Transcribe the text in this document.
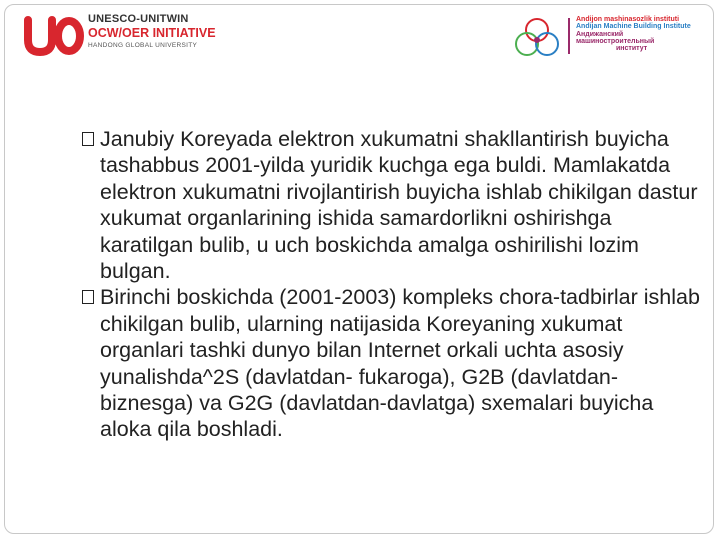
UNESCO-UNITWIN
OCW/OER INITIATIVE
HANDONG GLOBAL UNIVERSITY
Andijon mashinasozlik instituti
Andijan Machine Building Institute
Андижанский машиностроительный
институт
Janubiy Koreyada elektron xukumatni shakllantirish buyicha tashabbus 2001-yilda yuridik kuchga ega buldi. Mamlakatda elektron xukumatni rivojlantirish buyicha ishlab chikilgan dastur xukumat organlarining ishida samardorlikni oshirishga karatilgan bulib, u uch boskichda amalga oshirilishi lozim bulgan.
Birinchi boskichda (2001-2003) kompleks chora-tadbirlar ishlab chikilgan bulib, ularning natijasida Koreyaning xukumat organlari tashki dunyo bilan Internet orkali uchta asosiy yunalishda^2S (davlatdan- fukaroga), G2B (davlatdan-biznesga) va G2G (davlatdan-davlatga) sxemalari buyicha aloka qila boshladi.
